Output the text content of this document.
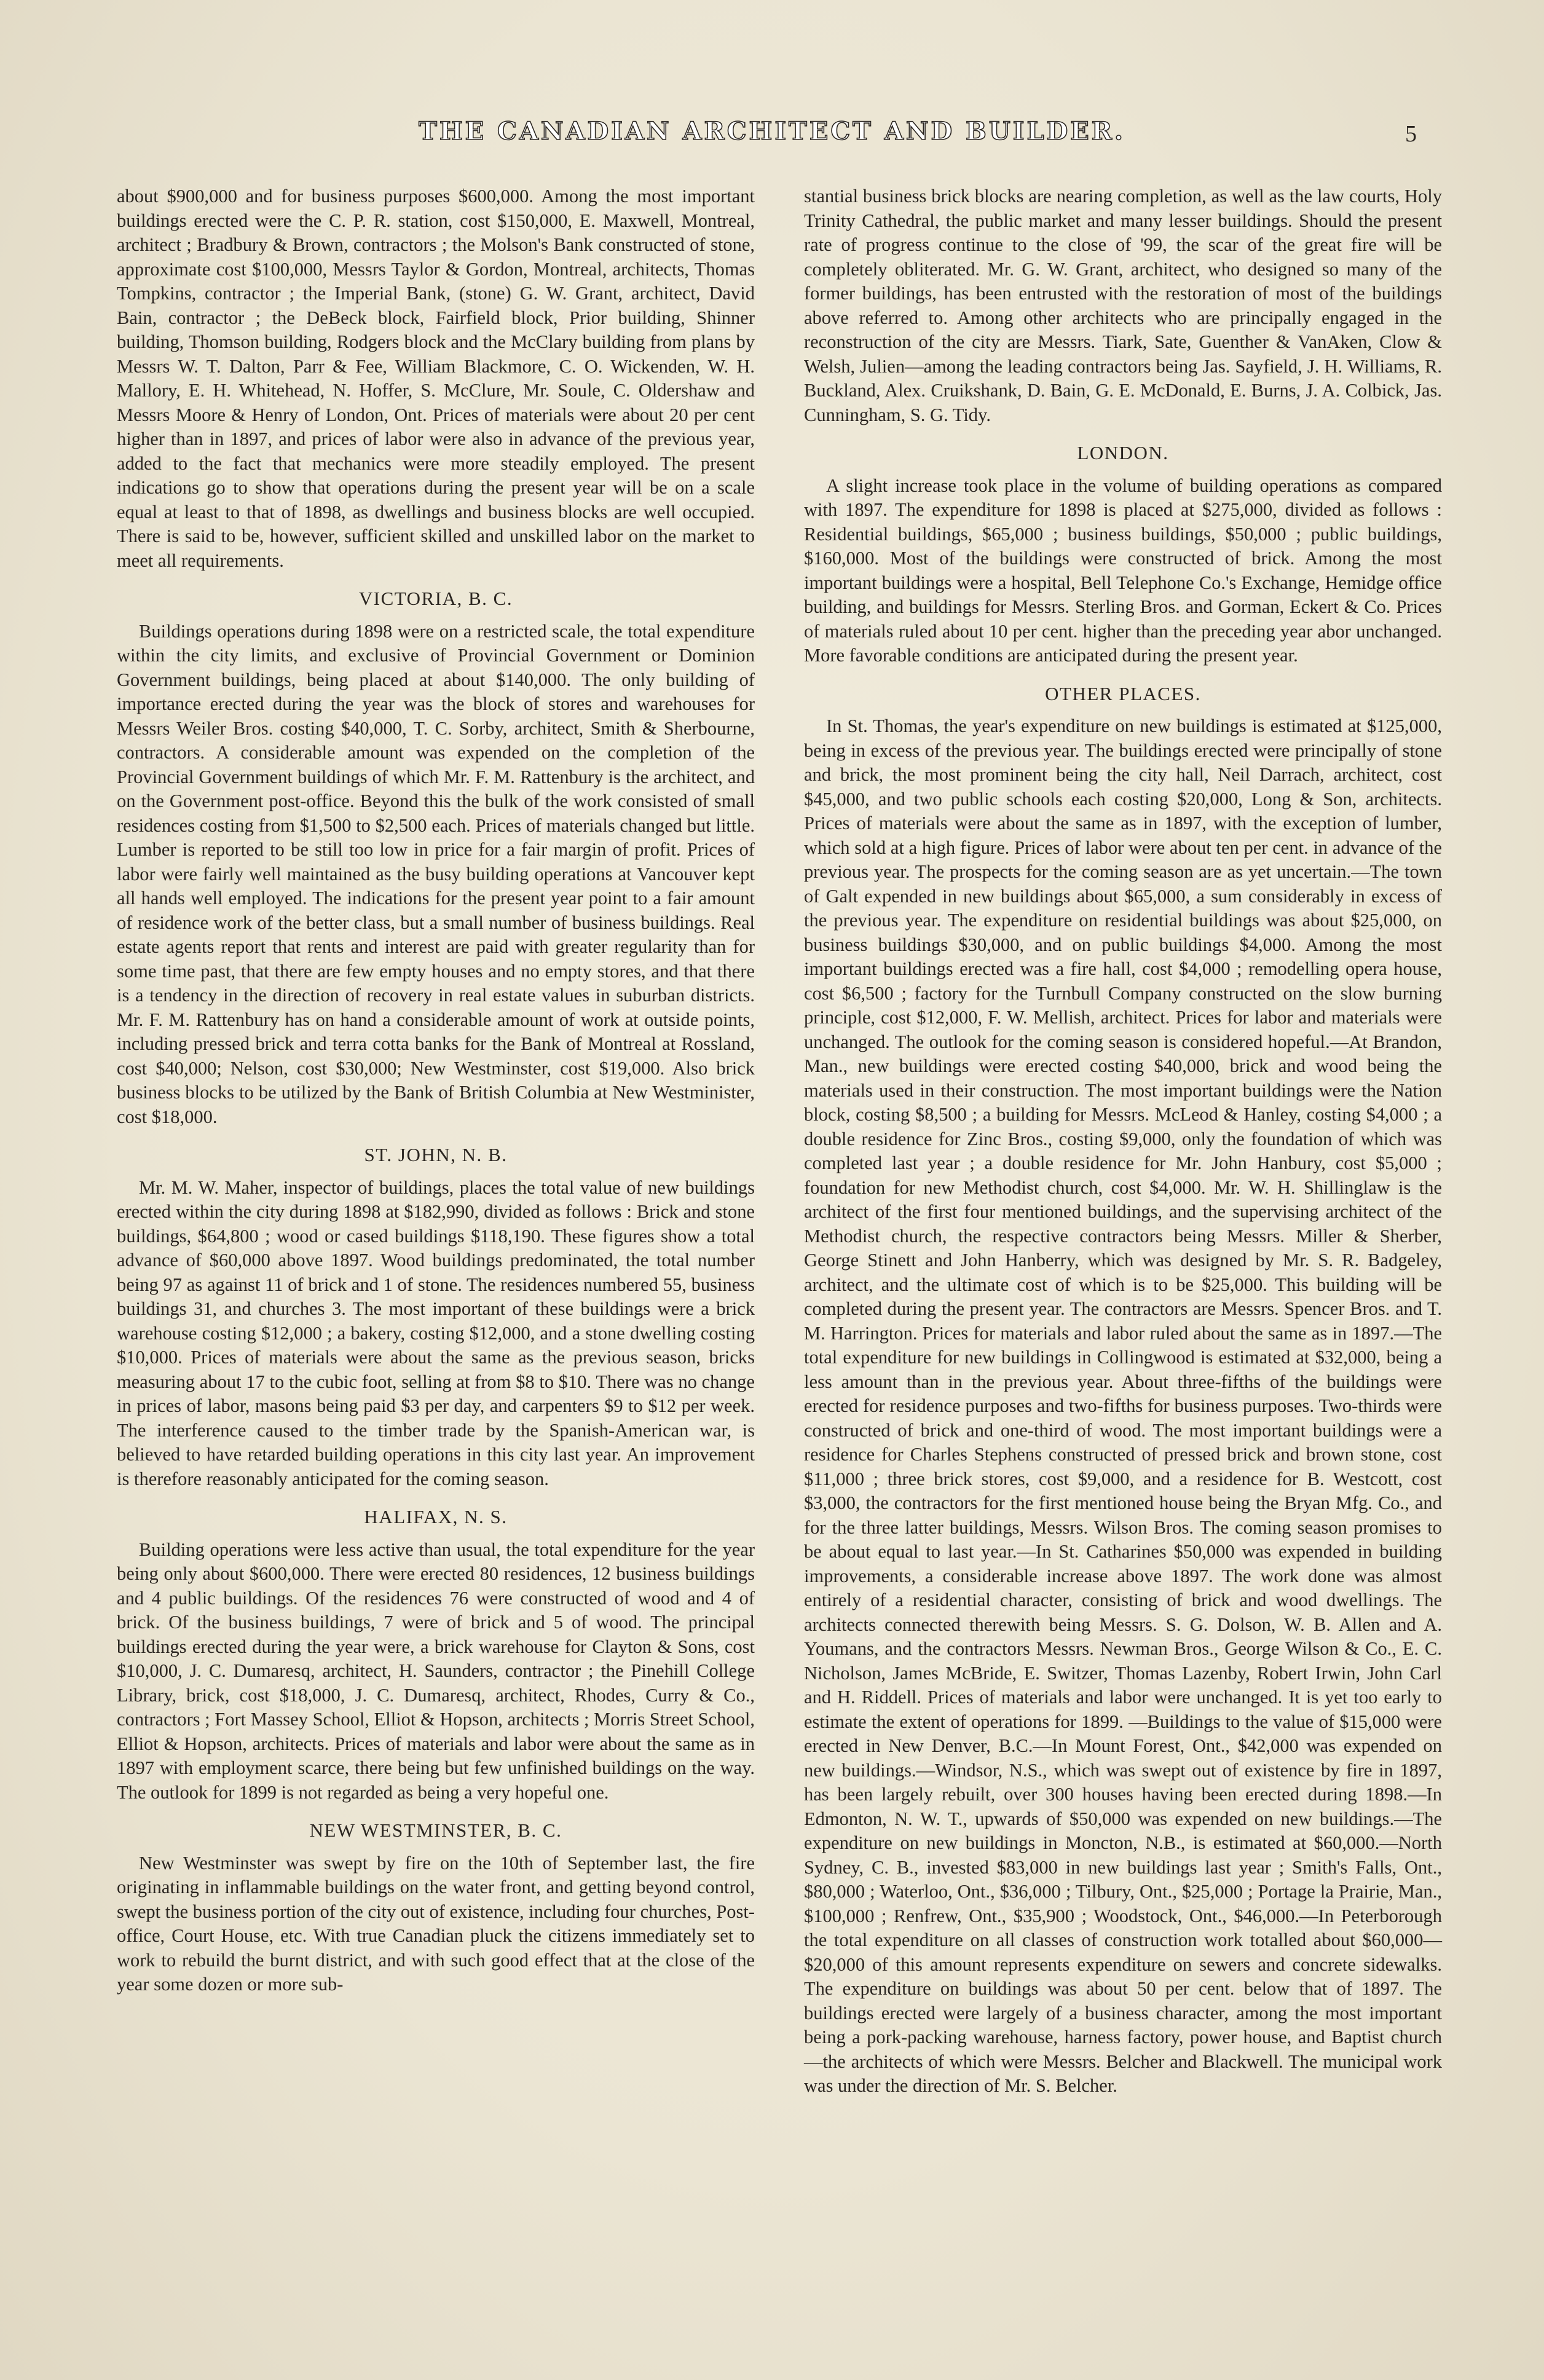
THE CANADIAN ARCHITECT AND BUILDER.	5

about $900,000 and for business purposes $600,000. Among the most important buildings erected were the C. P. R. station, cost $150,000, E. Maxwell, Montreal, architect ; Bradbury & Brown, contractors ; the Molson's Bank constructed of stone, approximate cost $100,000, Messrs Taylor & Gordon, Montreal, architects, Thomas Tompkins, contractor ; the Imperial Bank, (stone) G. W. Grant, architect, David Bain, contractor ; the DeBeck block, Fairfield block, Prior building, Shinner building, Thomson building, Rodgers block and the McClary building from plans by Messrs W. T. Dalton, Parr & Fee, William Blackmore, C. O. Wickenden, W. H. Mallory, E. H. Whitehead, N. Hoffer, S. McClure, Mr. Soule, C. Oldershaw and Messrs Moore & Henry of London, Ont. Prices of materials were about 20 per cent higher than in 1897, and prices of labor were also in advance of the previous year, added to the fact that mechanics were more steadily employed. The present indications go to show that operations during the present year will be on a scale equal at least to that of 1898, as dwellings and business blocks are well occupied. There is said to be, however, sufficient skilled and unskilled labor on the market to meet all requirements.

VICTORIA, B. C.

Buildings operations during 1898 were on a restricted scale, the total expenditure within the city limits, and exclusive of Provincial Government or Dominion Government buildings, being placed at about $140,000. The only building of importance erected during the year was the block of stores and warehouses for Messrs Weiler Bros. costing $40,000, T. C. Sorby, architect, Smith & Sherbourne, contractors. A considerable amount was expended on the completion of the Provincial Government buildings of which Mr. F. M. Rattenbury is the architect, and on the Government post-office. Beyond this the bulk of the work consisted of small residences costing from $1,500 to $2,500 each. Prices of materials changed but little. Lumber is reported to be still too low in price for a fair margin of profit. Prices of labor were fairly well maintained as the busy building operations at Vancouver kept all hands well employed. The indications for the present year point to a fair amount of residence work of the better class, but a small number of business buildings. Real estate agents report that rents and interest are paid with greater regularity than for some time past, that there are few empty houses and no empty stores, and that there is a tendency in the direction of recovery in real estate values in suburban districts. Mr. F. M. Rattenbury has on hand a considerable amount of work at outside points, including pressed brick and terra cotta banks for the Bank of Montreal at Rossland, cost $40,000; Nelson, cost $30,000; New Westminster, cost $19,000. Also brick business blocks to be utilized by the Bank of British Columbia at New Westminister, cost $18,000.

ST. JOHN, N. B.

Mr. M. W. Maher, inspector of buildings, places the total value of new buildings erected within the city during 1898 at $182,990, divided as follows : Brick and stone buildings, $64,800 ; wood or cased buildings $118,190. These figures show a total advance of $60,000 above 1897. Wood buildings predominated, the total number being 97 as against 11 of brick and 1 of stone. The residences numbered 55, business buildings 31, and churches 3. The most important of these buildings were a brick warehouse costing $12,000 ; a bakery, costing $12,000, and a stone dwelling costing $10,000. Prices of materials were about the same as the previous season, bricks measuring about 17 to the cubic foot, selling at from $8 to $10. There was no change in prices of labor, masons being paid $3 per day, and carpenters $9 to $12 per week. The interference caused to the timber trade by the Spanish-American war, is believed to have retarded building operations in this city last year. An improvement is therefore reasonably anticipated for the coming season.

HALIFAX, N. S.

Building operations were less active than usual, the total expenditure for the year being only about $600,000. There were erected 80 residences, 12 business buildings and 4 public buildings. Of the residences 76 were constructed of wood and 4 of brick. Of the business buildings, 7 were of brick and 5 of wood. The principal buildings erected during the year were, a brick warehouse for Clayton & Sons, cost $10,000, J. C. Dumaresq, architect, H. Saunders, contractor ; the Pinehill College Library, brick, cost $18,000, J. C. Dumaresq, architect, Rhodes, Curry & Co., contractors ; Fort Massey School, Elliot & Hopson, architects ; Morris Street School, Elliot & Hopson, architects. Prices of materials and labor were about the same as in 1897 with employment scarce, there being but few unfinished buildings on the way. The outlook for 1899 is not regarded as being a very hopeful one.

NEW WESTMINSTER, B. C.

New Westminster was swept by fire on the 10th of September last, the fire originating in inflammable buildings on the water front, and getting beyond control, swept the business portion of the city out of existence, including four churches, Post-office, Court House, etc. With true Canadian pluck the citizens immediately set to work to rebuild the burnt district, and with such good effect that at the close of the year some dozen or more sub-

stantial business brick blocks are nearing completion, as well as the law courts, Holy Trinity Cathedral, the public market and many lesser buildings. Should the present rate of progress continue to the close of '99, the scar of the great fire will be completely obliterated. Mr. G. W. Grant, architect, who designed so many of the former buildings, has been entrusted with the restoration of most of the buildings above referred to. Among other architects who are principally engaged in the reconstruction of the city are Messrs. Tiark, Sate, Guenther & VanAken, Clow & Welsh, Julien—among the leading contractors being Jas. Sayfield, J. H. Williams, R. Buckland, Alex. Cruikshank, D. Bain, G. E. McDonald, E. Burns, J. A. Colbick, Jas. Cunningham, S. G. Tidy.

LONDON.

A slight increase took place in the volume of building operations as compared with 1897. The expenditure for 1898 is placed at $275,000, divided as follows : Residential buildings, $65,000 ; business buildings, $50,000 ; public buildings, $160,000. Most of the buildings were constructed of brick. Among the most important buildings were a hospital, Bell Telephone Co.'s Exchange, Hemidge office building, and buildings for Messrs. Sterling Bros. and Gorman, Eckert & Co. Prices of materials ruled about 10 per cent. higher than the preceding year abor unchanged. More favorable conditions are anticipated during the present year.

OTHER PLACES.

In St. Thomas, the year's expenditure on new buildings is estimated at $125,000, being in excess of the previous year. The buildings erected were principally of stone and brick, the most prominent being the city hall, Neil Darrach, architect, cost $45,000, and two public schools each costing $20,000, Long & Son, architects. Prices of materials were about the same as in 1897, with the exception of lumber, which sold at a high figure. Prices of labor were about ten per cent. in advance of the previous year. The prospects for the coming season are as yet uncertain.—The town of Galt expended in new buildings about $65,000, a sum considerably in excess of the previous year. The expenditure on residential buildings was about $25,000, on business buildings $30,000, and on public buildings $4,000. Among the most important buildings erected was a fire hall, cost $4,000 ; remodelling opera house, cost $6,500 ; factory for the Turnbull Company constructed on the slow burning principle, cost $12,000, F. W. Mellish, architect. Prices for labor and materials were unchanged. The outlook for the coming season is considered hopeful.—At Brandon, Man., new buildings were erected costing $40,000, brick and wood being the materials used in their construction. The most important buildings were the Nation block, costing $8,500 ; a building for Messrs. McLeod & Hanley, costing $4,000 ; a double residence for Zinc Bros., costing $9,000, only the foundation of which was completed last year ; a double residence for Mr. John Hanbury, cost $5,000 ; foundation for new Methodist church, cost $4,000. Mr. W. H. Shillinglaw is the architect of the first four mentioned buildings, and the supervising architect of the Methodist church, the respective contractors being Messrs. Miller & Sherber, George Stinett and John Hanberry, which was designed by Mr. S. R. Badgeley, architect, and the ultimate cost of which is to be $25,000. This building will be completed during the present year. The contractors are Messrs. Spencer Bros. and T. M. Harrington. Prices for materials and labor ruled about the same as in 1897.—The total expenditure for new buildings in Collingwood is estimated at $32,000, being a less amount than in the previous year. About three-fifths of the buildings were erected for residence purposes and two-fifths for business purposes. Two-thirds were constructed of brick and one-third of wood. The most important buildings were a residence for Charles Stephens constructed of pressed brick and brown stone, cost $11,000 ; three brick stores, cost $9,000, and a residence for B. Westcott, cost $3,000, the contractors for the first mentioned house being the Bryan Mfg. Co., and for the three latter buildings, Messrs. Wilson Bros. The coming season promises to be about equal to last year.—In St. Catharines $50,000 was expended in building improvements, a considerable increase above 1897. The work done was almost entirely of a residential character, consisting of brick and wood dwellings. The architects connected therewith being Messrs. S. G. Dolson, W. B. Allen and A. Youmans, and the contractors Messrs. Newman Bros., George Wilson & Co., E. C. Nicholson, James McBride, E. Switzer, Thomas Lazenby, Robert Irwin, John Carl and H. Riddell. Prices of materials and labor were unchanged. It is yet too early to estimate the extent of operations for 1899. —Buildings to the value of $15,000 were erected in New Denver, B.C.—In Mount Forest, Ont., $42,000 was expended on new buildings.—Windsor, N.S., which was swept out of existence by fire in 1897, has been largely rebuilt, over 300 houses having been erected during 1898.—In Edmonton, N. W. T., upwards of $50,000 was expended on new buildings.—The expenditure on new buildings in Moncton, N.B., is estimated at $60,000.—North Sydney, C. B., invested $83,000 in new buildings last year ; Smith's Falls, Ont., $80,000 ; Waterloo, Ont., $36,000 ; Tilbury, Ont., $25,000 ; Portage la Prairie, Man., $100,000 ; Renfrew, Ont., $35,900 ; Woodstock, Ont., $46,000.—In Peterborough the total expenditure on all classes of construction work totalled about $60,000—$20,000 of this amount represents expenditure on sewers and concrete sidewalks. The expenditure on buildings was about 50 per cent. below that of 1897. The buildings erected were largely of a business character, among the most important being a pork-packing warehouse, harness factory, power house, and Baptist church—the architects of which were Messrs. Belcher and Blackwell. The municipal work was under the direction of Mr. S. Belcher.
